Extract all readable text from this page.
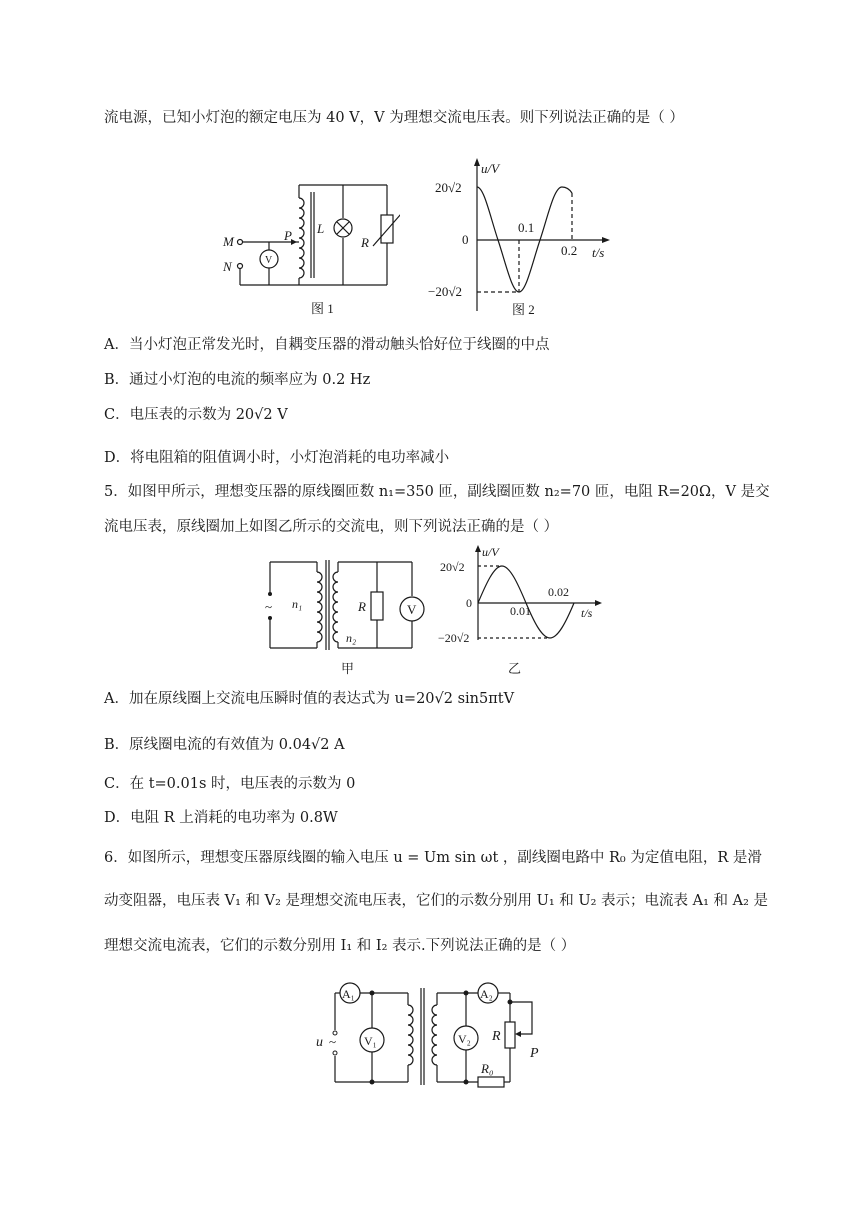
流电源，已知小灯泡的额定电压为 40 V，V 为理想交流电压表。则下列说法正确的是（ ）
M
N
P L
R
V
图 1
u/V
t/s
20√2
0
−20√2
0.1
0.2
图 2
A．当小灯泡正常发光时，自耦变压器的滑动触头恰好位于线圈的中点
B．通过小灯泡的电流的频率应为 0.2 Hz
C．电压表的示数为 20√2 V
D．将电阻箱的阻值调小时，小灯泡消耗的电功率减小
5．如图甲所示，理想变压器的原线圈匝数 n₁=350 匝，副线圈匝数 n₂=70 匝，电阻 R=20Ω，V 是交
流电压表，原线圈加上如图乙所示的交流电，则下列说法正确的是（ ）
~ n₁
n₂
R	V
甲
u/V
t/s
20√2
0
−20√2
0.01
0.02
乙
A．加在原线圈上交流电压瞬时值的表达式为 u=20√2 sin5πtV
B．原线圈电流的有效值为 0.04√2 A
C．在 t=0.01s 时，电压表的示数为 0
D．电阻 R 上消耗的电功率为 0.8W
6．如图所示，理想变压器原线圈的输入电压 u = Um sin ωt ，副线圈电路中 R₀ 为定值电阻，R 是滑
动变阻器，电压表 V₁ 和 V₂ 是理想交流电压表，它们的示数分别用 U₁ 和 U₂ 表示；电流表 A₁ 和 A₂ 是
理想交流电流表，它们的示数分别用 I₁ 和 I₂ 表示.下列说法正确的是（ ）
u ~
A₁
V₁
A₂
V₂ R
R₀
P
